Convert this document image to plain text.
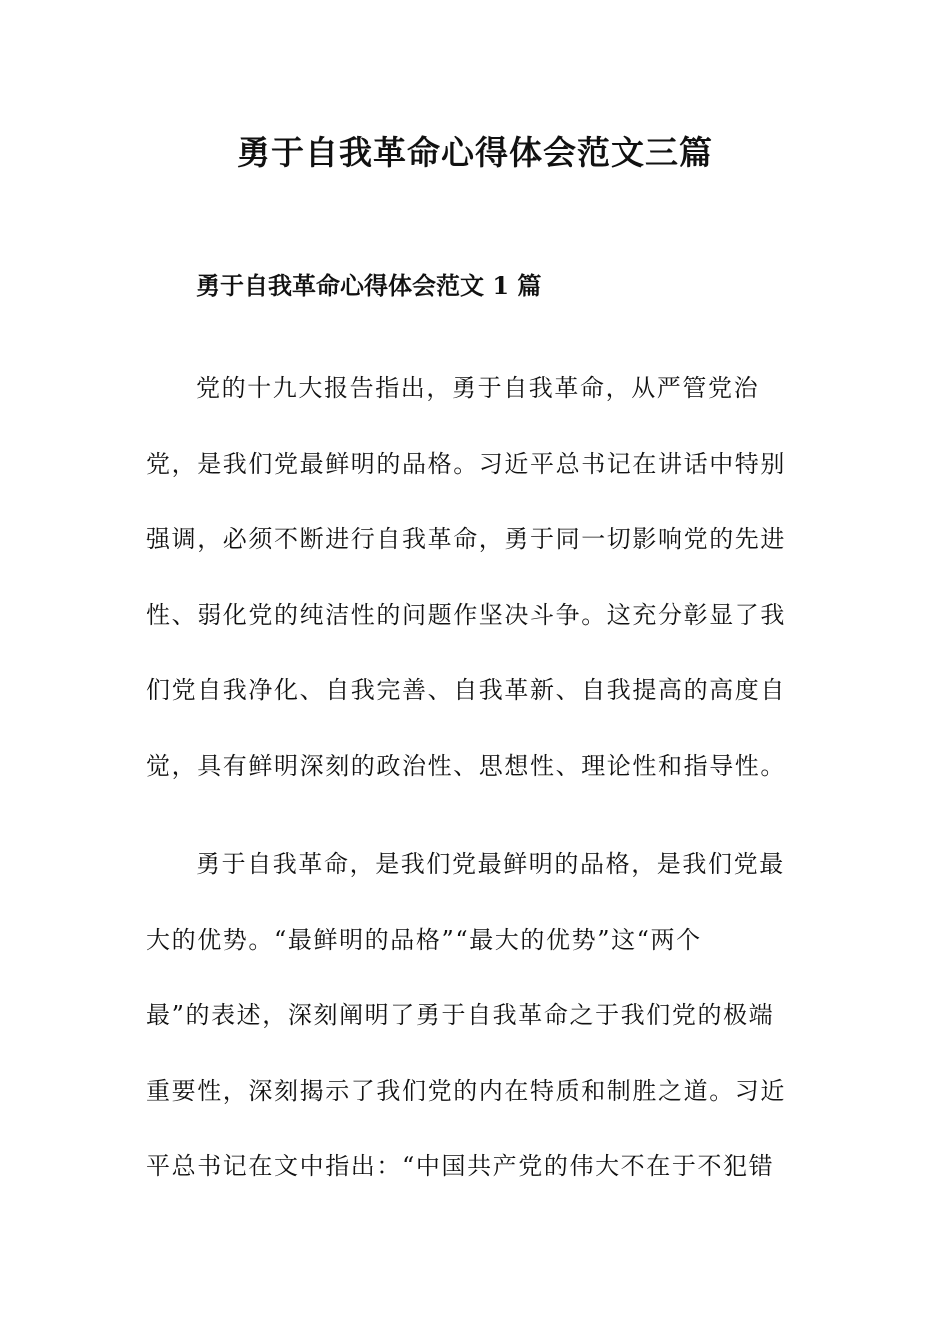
勇于自我革命心得体会范文三篇
勇于自我革命心得体会范文 1 篇
党的十九大报告指出，勇于自我革命，从严管党治
党，是我们党最鲜明的品格。习近平总书记在讲话中特别
强调，必须不断进行自我革命，勇于同一切影响党的先进
性、弱化党的纯洁性的问题作坚决斗争。这充分彰显了我
们党自我净化、自我完善、自我革新、自我提高的高度自
觉，具有鲜明深刻的政治性、思想性、理论性和指导性。
勇于自我革命，是我们党最鲜明的品格，是我们党最
大的优势。“最鲜明的品格”“最大的优势”这“两个
最”的表述，深刻阐明了勇于自我革命之于我们党的极端
重要性，深刻揭示了我们党的内在特质和制胜之道。习近
平总书记在文中指出：“中国共产党的伟大不在于不犯错
